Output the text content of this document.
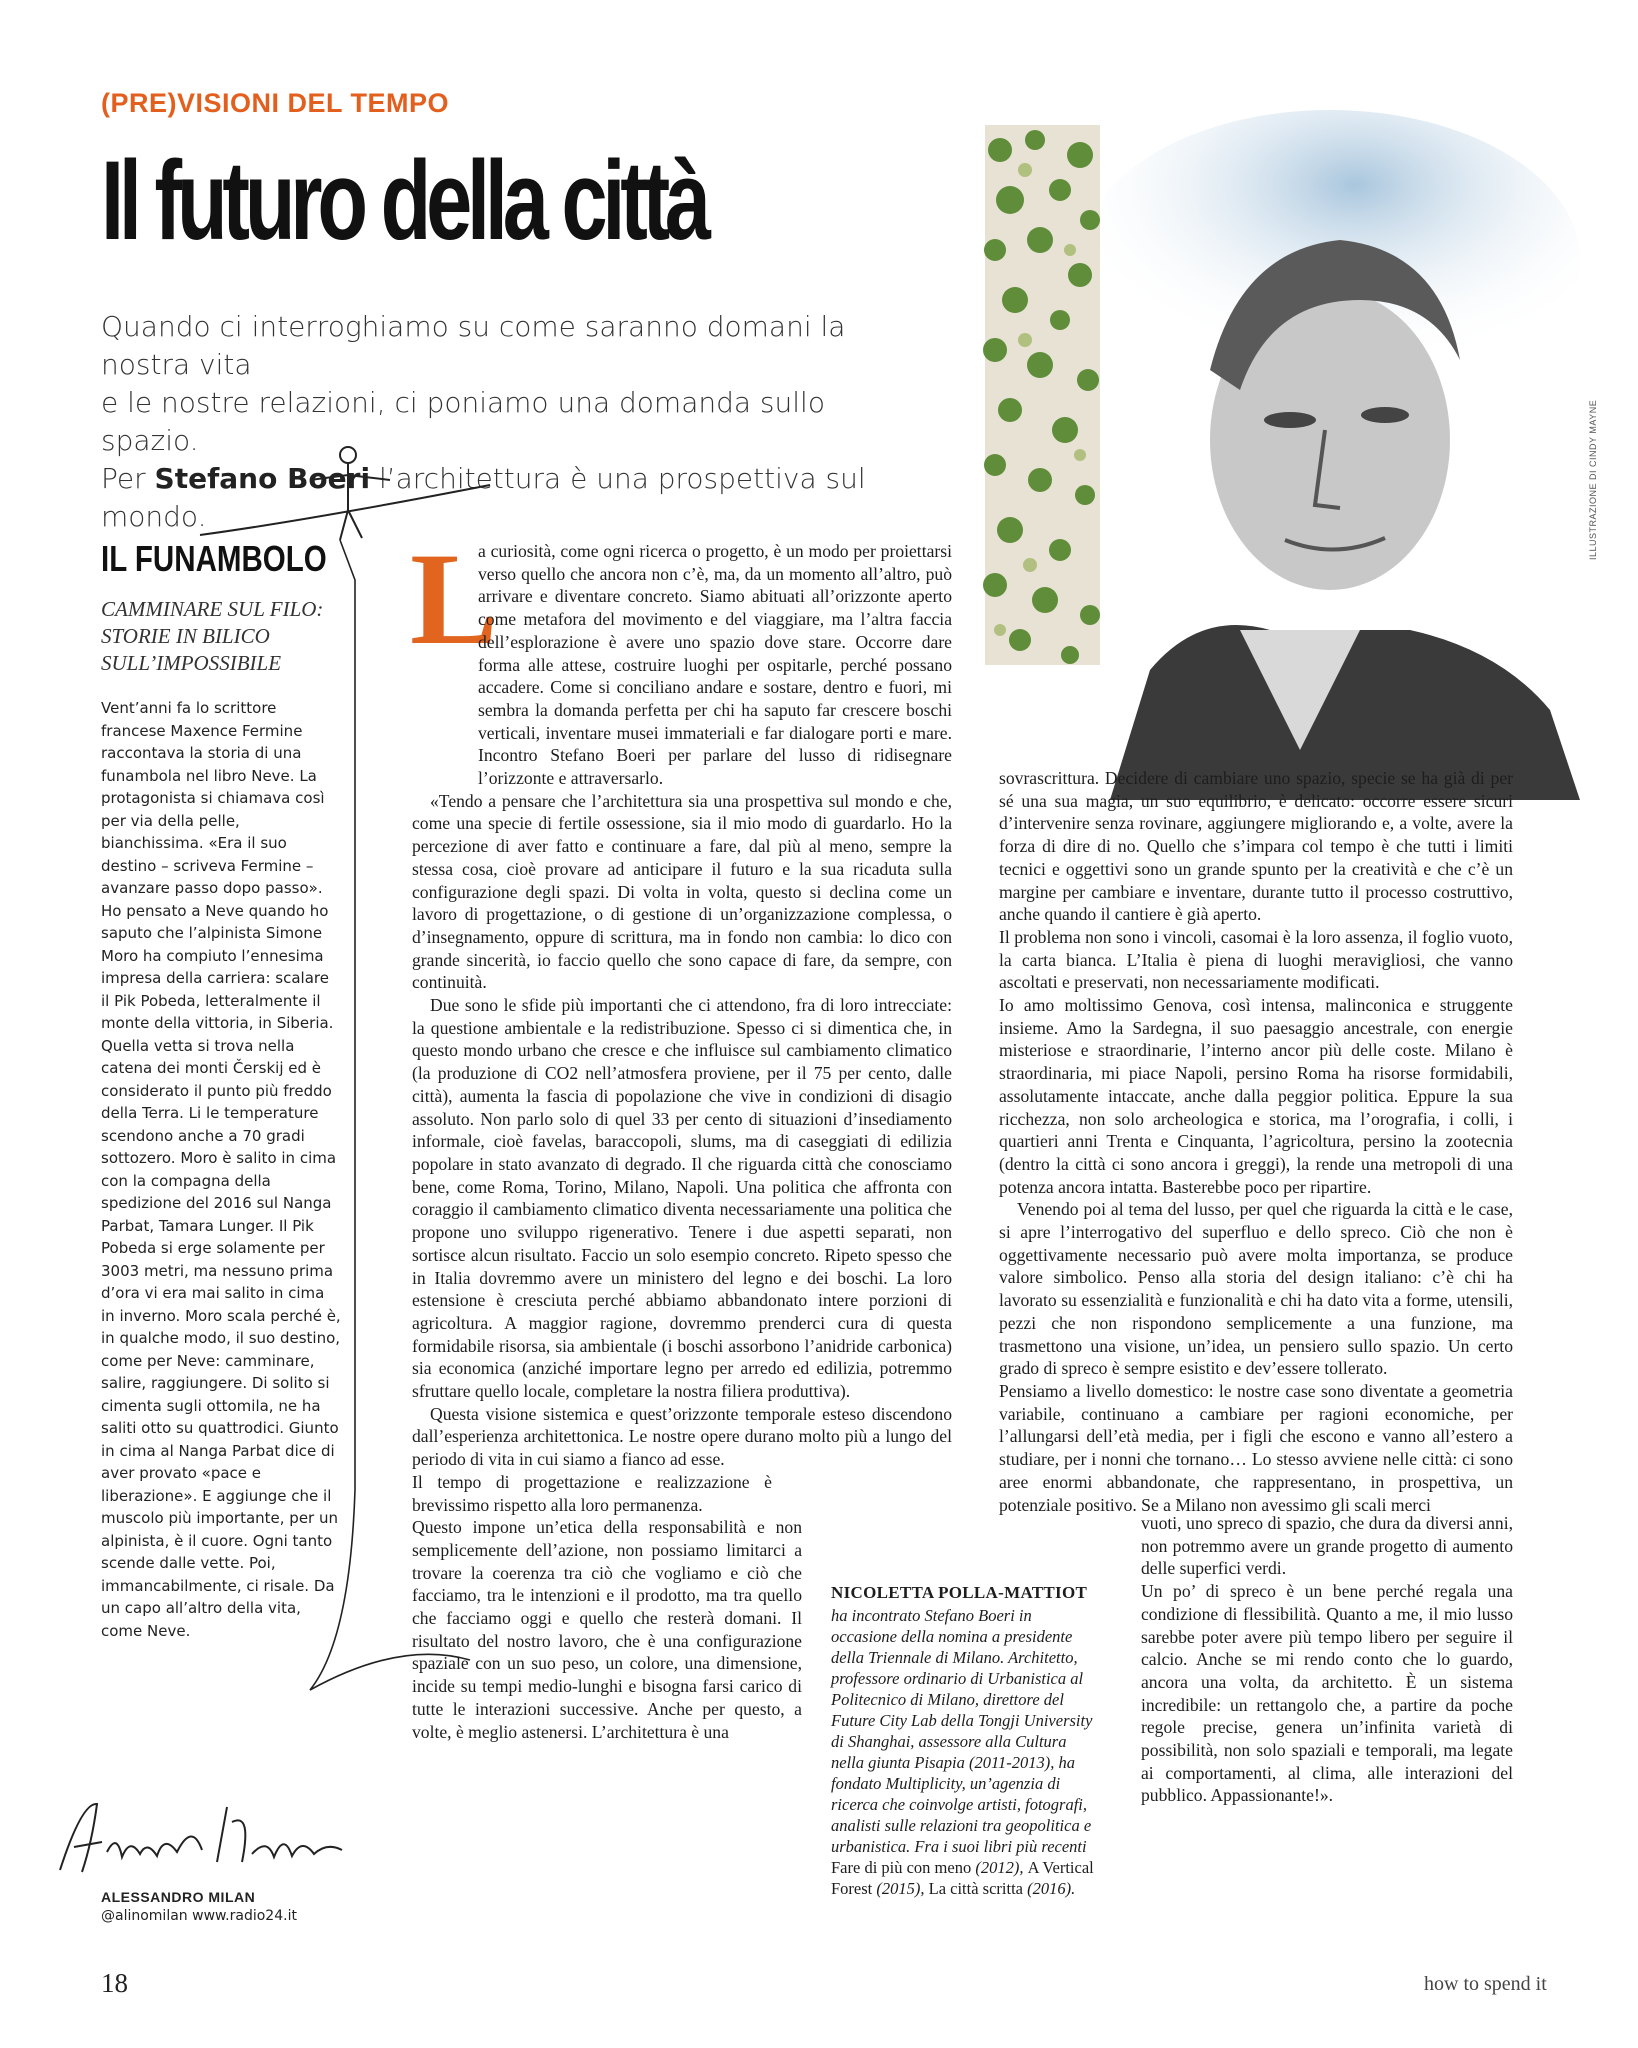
(PRE)VISIONI DEL TEMPO
Il futuro della città
Quando ci interroghiamo su come saranno domani la nostra vita
e le nostre relazioni, ci poniamo una domanda sullo spazio.
Per Stefano Boeri l’architettura è una prospettiva sul mondo.	ILLUSTRAZIONE DI CINDY MAYNE
IL FUNAMBOLO
CAMMINARE SUL FILO: STORIE IN BILICO SULL’IMPOSSIBILE
Vent’anni fa lo scrittore francese Maxence Fermine raccontava la storia di una funambola nel libro Neve. La protagonista si chiamava così per via della pelle, bianchissima. «Era il suo destino – scriveva Fermine – avanzare passo dopo passo». Ho pensato a Neve quando ho saputo che l’alpinista Simone Moro ha compiuto l’ennesima impresa della carriera: scalare il Pik Pobeda, letteralmente il monte della vittoria, in Siberia. Quella vetta si trova nella catena dei monti Čerskij ed è considerato il punto più freddo della Terra. Li le temperature scendono anche a 70 gradi sottozero. Moro è salito in cima con la compagna della spedizione del 2016 sul Nanga Parbat, Tamara Lunger. Il Pik Pobeda si erge solamente per 3003 metri, ma nessuno prima d’ora vi era mai salito in cima in inverno. Moro scala perché è, in qualche modo, il suo destino, come per Neve: camminare, salire, raggiungere. Di solito si cimenta sugli ottomila, ne ha saliti otto su quattrodici. Giunto in cima al Nanga Parbat dice di aver provato «pace e liberazione». E aggiunge che il muscolo più importante, per un alpinista, è il cuore. Ogni tanto scende dalle vette. Poi, immancabilmente, ci risale. Da un capo all’altro della vita, come Neve.
ALESSANDRO MILAN
@alinomilan www.radio24.it
L

a curiosità, come ogni ricerca o progetto, è un modo per proiettarsi verso quello che ancora non c’è, ma, da un momento all’altro, può arrivare e diventare concreto. Siamo abituati all’orizzonte aperto come metafora del movimento e del viaggiare, ma l’altra faccia dell’esplorazione è avere uno spazio dove stare. Occorre dare forma alle attese, costruire luoghi per ospitarle, perché possano accadere. Come si conciliano andare e sostare, dentro e fuori, mi sembra la domanda perfetta per chi ha saputo far crescere boschi verticali, inventare musei immateriali e far dialogare porti e mare. Incontro Stefano Boeri per parlare del lusso di ridisegnare l’orizzonte e attraversarlo.

«Tendo a pensare che l’architettura sia una prospettiva sul mondo e che, come una specie di fertile ossessione, sia il mio modo di guardarlo. Ho la percezione di aver fatto e continuare a fare, dal più al meno, sempre la stessa cosa, cioè provare ad anticipare il futuro e la sua ricaduta sulla configurazione degli spazi. Di volta in volta, questo si declina come un lavoro di progettazione, o di gestione di un’organizzazione complessa, o d’insegnamento, oppure di scrittura, ma in fondo non cambia: lo dico con grande sincerità, io faccio quello che sono capace di fare, da sempre, con continuità.

Due sono le sfide più importanti che ci attendono, fra di loro intrecciate: la questione ambientale e la redistribuzione. Spesso ci si dimentica che, in questo mondo urbano che cresce e che influisce sul cambiamento climatico (la produzione di CO2 nell’atmosfera proviene, per il 75 per cento, dalle città), aumenta la fascia di popolazione che vive in condizioni di disagio assoluto. Non parlo solo di quel 33 per cento di situazioni d’insediamento informale, cioè favelas, baraccopoli, slums, ma di caseggiati di edilizia popolare in stato avanzato di degrado. Il che riguarda città che conosciamo bene, come Roma, Torino, Milano, Napoli. Una politica che affronta con coraggio il cambiamento climatico diventa necessariamente una politica che propone uno sviluppo rigenerativo. Tenere i due aspetti separati, non sortisce alcun risultato. Faccio un solo esempio concreto. Ripeto spesso che in Italia dovremmo avere un ministero del legno e dei boschi. La loro estensione è cresciuta perché abbiamo abbandonato intere porzioni di agricoltura. A maggior ragione, dovremmo prenderci cura di questa formidabile risorsa, sia ambientale (i boschi assorbono l’anidride carbonica) sia economica (anziché importare legno per arredo ed edilizia, potremmo sfruttare quello locale, completare la nostra filiera produttiva).

Questa visione sistemica e quest’orizzonte temporale esteso discendono dall’esperienza architettonica. Le nostre opere durano molto più a lungo del periodo di vita in cui siamo a fianco ad esse.

Il tempo di progettazione e realizzazione è brevissimo rispetto alla loro permanenza.

Questo impone un’etica della responsabilità e non semplicemente dell’azione, non possiamo limitarci a trovare la coerenza tra ciò che vogliamo e ciò che facciamo, tra le intenzioni e il prodotto, ma tra quello che facciamo oggi e quello che resterà domani. Il risultato del nostro lavoro, che è una configurazione spaziale con un suo peso, un colore, una dimensione, incide su tempi medio-lunghi e bisogna farsi carico di tutte le interazioni successive. Anche per questo, a volte, è meglio astenersi. L’architettura è una

sovrascrittura. Decidere di cambiare uno spazio, specie se ha già di per sé una sua magia, un suo equilibrio, è delicato: occorre essere sicuri d’intervenire senza rovinare, aggiungere migliorando e, a volte, avere la forza di dire di no. Quello che s’impara col tempo è che tutti i limiti tecnici e oggettivi sono un grande spunto per la creatività e che c’è un margine per cambiare e inventare, durante tutto il processo costruttivo, anche quando il cantiere è già aperto.

Il problema non sono i vincoli, casomai è la loro assenza, il foglio vuoto, la carta bianca. L’Italia è piena di luoghi meravigliosi, che vanno ascoltati e preservati, non necessariamente modificati.

Io amo moltissimo Genova, così intensa, malinconica e struggente insieme. Amo la Sardegna, il suo paesaggio ancestrale, con energie misteriose e straordinarie, l’interno ancor più delle coste. Milano è straordinaria, mi piace Napoli, persino Roma ha risorse formidabili, assolutamente intaccate, anche dalla peggior politica. Eppure la sua ricchezza, non solo archeologica e storica, ma l’orografia, i colli, i quartieri anni Trenta e Cinquanta, l’agricoltura, persino la zootecnia (dentro la città ci sono ancora i greggi), la rende una metropoli di una potenza ancora intatta. Basterebbe poco per ripartire.

Venendo poi al tema del lusso, per quel che riguarda la città e le case, si apre l’interrogativo del superfluo e dello spreco. Ciò che non è oggettivamente necessario può avere molta importanza, se produce valore simbolico. Penso alla storia del design italiano: c’è chi ha lavorato su essenzialità e funzionalità e chi ha dato vita a forme, utensili, pezzi che non rispondono semplicemente a una funzione, ma trasmettono una visione, un’idea, un pensiero sullo spazio. Un certo grado di spreco è sempre esistito e dev’essere tollerato.

Pensiamo a livello domestico: le nostre case sono diventate a geometria variabile, continuano a cambiare per ragioni economiche, per l’allungarsi dell’età media, per i figli che escono e vanno all’estero a studiare, per i nonni che tornano… Lo stesso avviene nelle città: ci sono aree enormi abbandonate, che rappresentano, in prospettiva, un potenziale positivo. Se a Milano non avessimo gli scali merci

vuoti, uno spreco di spazio, che dura da diversi anni, non potremmo avere un grande progetto di aumento delle superfici verdi.

Un po’ di spreco è un bene perché regala una condizione di flessibilità. Quanto a me, il mio lusso sarebbe poter avere più tempo libero per seguire il calcio. Anche se mi rendo conto che lo guardo, ancora una volta, da architetto. È un sistema incredibile: un rettangolo che, a partire da poche regole precise, genera un’infinita varietà di possibilità, non solo spaziali e temporali, ma legate ai comportamenti, al clima, alle interazioni del pubblico. Appassionante!».

NICOLETTA POLLA-MATTIOT
ha incontrato Stefano Boeri in occasione della nomina a presidente della Triennale di Milano. Architetto, professore ordinario di Urbanistica al Politecnico di Milano, direttore del Future City Lab della Tongji University di Shanghai, assessore alla Cultura nella giunta Pisapia (2011-2013), ha fondato Multiplicity, un’agenzia di ricerca che coinvolge artisti, fotografi, analisti sulle relazioni tra geopolitica e urbanistica. Fra i suoi libri più recenti Fare di più con meno (2012), A Vertical Forest (2015), La città scritta (2016).
18	how to spend it
